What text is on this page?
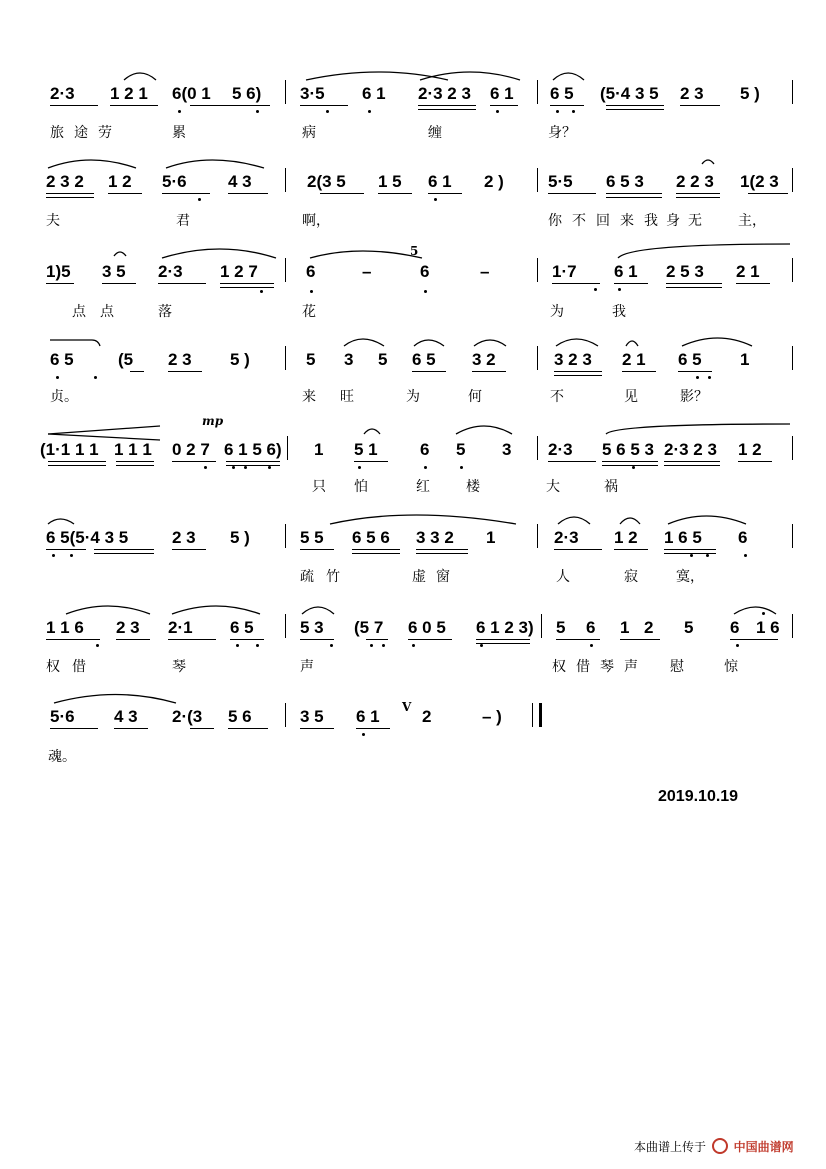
2·3 1 2 1 6(0 1 5 6) 3·5 6 1 2·3 2 3 6 1 6 5 (5·4 3 5 2 3 5 )
旅 途 劳	累	病	缠	身？
2 3 2 1 2 5·6 4 3	2(3 5 1 5 6 1 2 )	5·5 6 5 3 2 2 3 1(2 3
夫	君	啊，	你 不 回 来 我 身 无	主，
1)5 3 5 2·3 1 2 7	6	–	6	–
5
1·7 6 1 2 5 3 2 1
点 点	落	花	为	我
6 5	(5 2 3 5 )	5 3 5 6 5 3 2	3 2 3 2 1 6 5 1
贞。	来 旺	为	何	不	见	影？
mp
(1·1 1 1 1 1 1 0 2 7 6 1 5 6) 1 5 1 6 5 3 2·3 5 6 5 3 2·3 2 3 1 2
只 怕	红	楼	大	祸
6 5(5·4 3 5	2 3 5 )	5 5 6 5 6 3 3 2 1	2·3 1 2 1 6 5 6
疏 竹	虚 窗	人	寂	寞，
1 1 6 2 3 2·1 6 5	5 3 (5 7 6 0 5 6 1 2 3) 5 6 1 2 5 6 1 6
权 借	琴	声	权 借 琴 声 慰	惊
5·6 4 3 2·(3 5 6	3 5 6 1 V 2	– )
魂。
2019.10.19
本曲谱上传于 中国曲谱网
